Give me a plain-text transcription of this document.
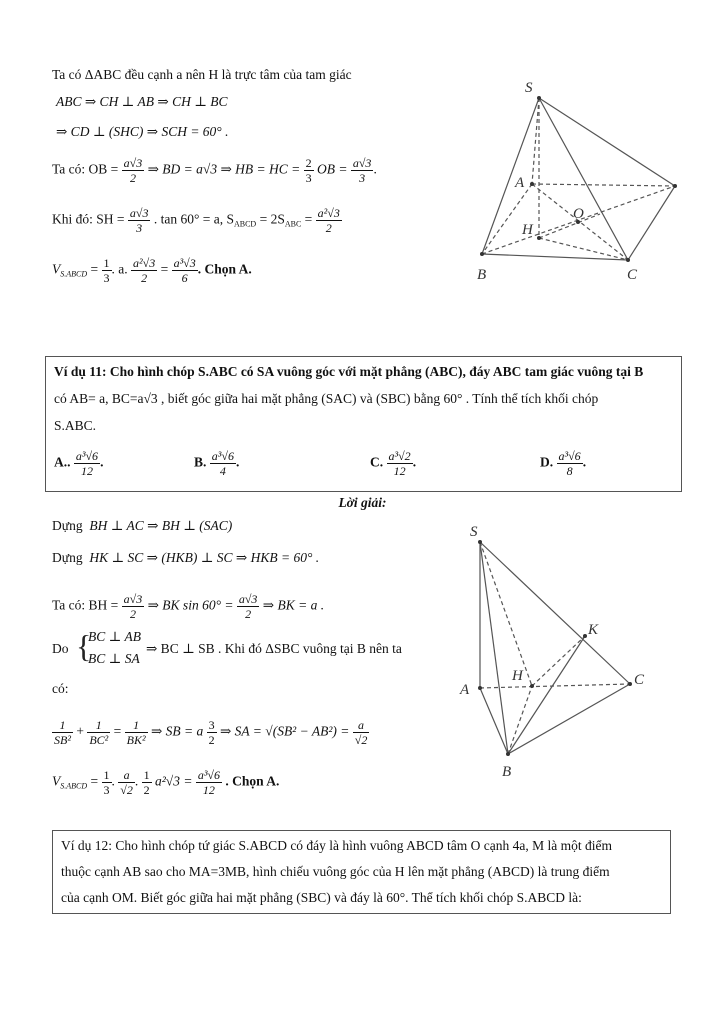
Ta có ΔABC đều cạnh a nên H là trực tâm của tam giác
ABC ⇒ CH ⊥ AB ⇒ CH ⊥ BC
⇒ CD ⊥ (SHC) ⇒ SCH = 60° .
Ta có: OB = $\frac{a√3}{2}$ ⇒ BD = a√3 ⇒ HB = HC = $\frac{2}{3}$ OB = $\frac{a√3}{3}$ .
Khi đó: SH = $\frac{a√3}{3}$ . tan 60° = a, $S_{ABCD} = 2S_{ABC} = \frac{\text{a²√3}}{2}$
$V_{S.ABCD} = \frac{1}{3}$ . a. $\frac{\text{a²√3}}{2} = \frac{\text{a³√3}}{6}$ . Chọn A.
S
A
O
H
B	C
Ví dụ 11: Cho hình chóp S.ABC có SA vuông góc với mặt phẳng (ABC), đáy ABC tam giác vuông tại B
có AB= a, BC=a√3 , biết góc giữa hai mặt phẳng (SAC) và (SBC) bằng 60° . Tính thể tích khối chóp
S.ABC.
A.. $\frac{\text{a³√6}}{12}$ .	B. $\frac{\text{a³√6}}{4}$ .	C. $\frac{\text{a³√2}}{12}$ .	D. $\frac{\text{a³√6}}{8}$ .
Lời giải:
Dựng BH ⊥ AC ⇒ BH ⊥ (SAC)
Dựng HK ⊥ SC ⇒ (HKB) ⊥ SC ⇒ HKB = 60° .
Ta có: BH = $\frac{a√3}{2}$ ⇒ BK $\sin 60^\circ = \frac{a√3}{2}$ ⇒ BK = a .
Do {
BC ⊥ AB
BC ⊥ SA
⇒ BC ⊥ SB . Khi đó ΔSBC vuông tại B nên ta
có:
$\frac{1}{\text{SB²}} + \frac{1}{\text{BC²}} = \frac{1}{\text{BK²}}$ ⇒ SB = a $\frac{3}{2}$ ⇒ SA = $√(SB^2 - AB^2) = \frac{a}{√2}$
$V_{S.ABCD} = \frac{1}{3}$ . $\frac{a}{√2}$ . $\frac{1}{2} a^2√3 = \frac{\text{a³√6}}{12}$ . Chọn A.
S
K
H
A
C
B
Ví dụ 12: Cho hình chóp tứ giác S.ABCD có đáy là hình vuông ABCD tâm O cạnh 4a, M là một điểm
thuộc cạnh AB sao cho MA=3MB, hình chiếu vuông góc của H lên mặt phẳng (ABCD) là trung điểm
của cạnh OM. Biết góc giữa hai mặt phẳng (SBC) và đáy là 60°. Thể tích khối chóp S.ABCD là:
